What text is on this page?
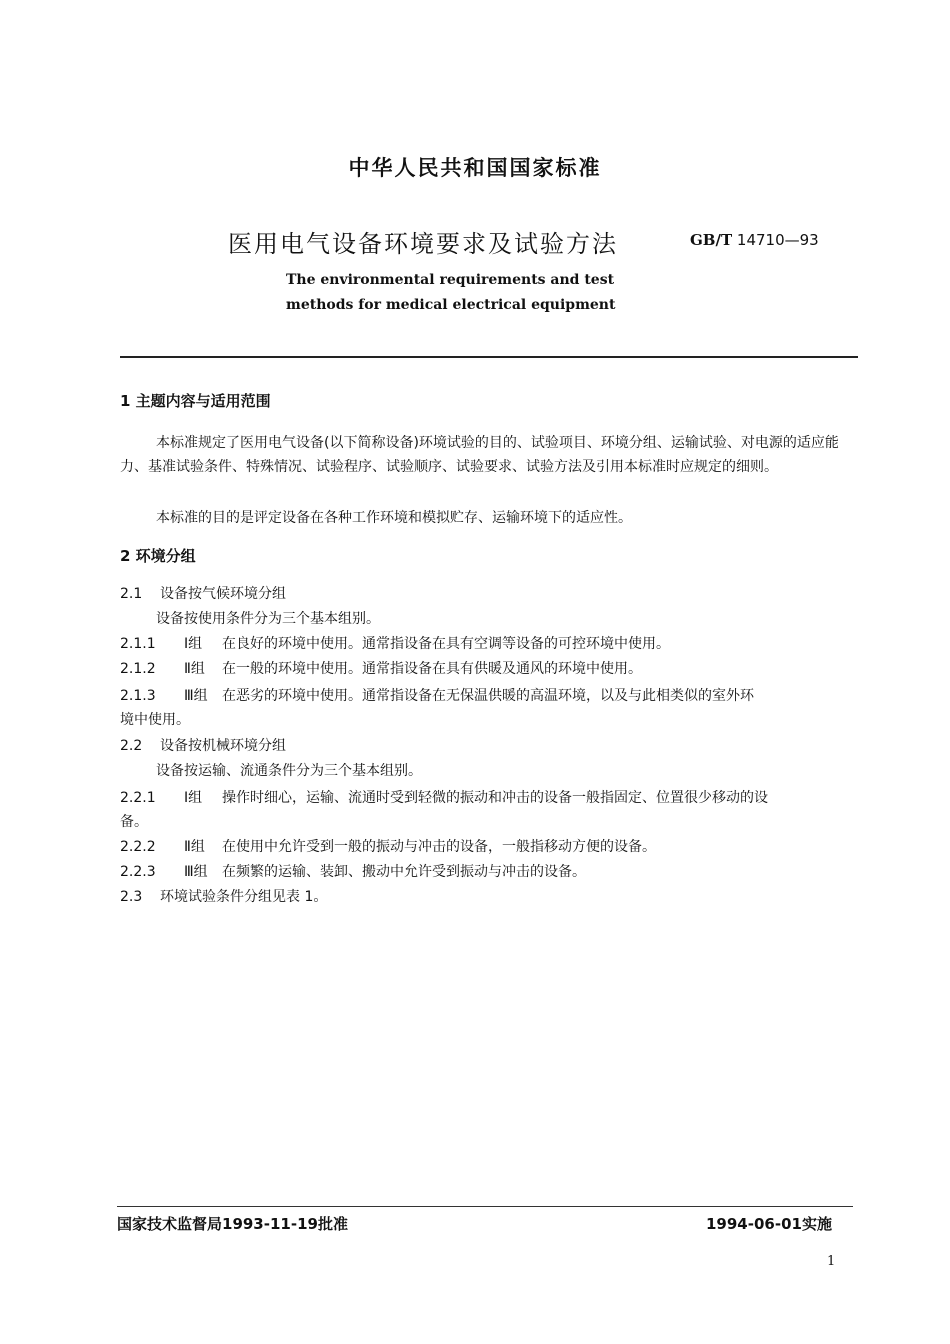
中华人民共和国国家标准
医用电气设备环境要求及试验方法	GB/T 14710—93
The environmental requirements and test
methods for medical electrical equipment
1 主题内容与适用范围
本标准规定了医用电气设备(以下简称设备)环境试验的目的、试验项目、环境分组、运输试验、对电源的适应能力、基准试验条件、特殊情况、试验程序、试验顺序、试验要求、试验方法及引用本标准时应规定的细则。
本标准的目的是评定设备在各种工作环境和模拟贮存、运输环境下的适应性。
2 环境分组
2.1 设备按气候环境分组
设备按使用条件分为三个基本组别。
2.1.1 Ⅰ组 在良好的环境中使用。通常指设备在具有空调等设备的可控环境中使用。
2.1.2 Ⅱ组 在一般的环境中使用。通常指设备在具有供暖及通风的环境中使用。
2.1.3 Ⅲ组 在恶劣的环境中使用。通常指设备在无保温供暖的高温环境，以及与此相类似的室外环
境中使用。
2.2 设备按机械环境分组
设备按运输、流通条件分为三个基本组别。
2.2.1 Ⅰ组 操作时细心，运输、流通时受到轻微的振动和冲击的设备一般指固定、位置很少移动的设
备。
2.2.2 Ⅱ组 在使用中允许受到一般的振动与冲击的设备，一般指移动方便的设备。
2.2.3 Ⅲ组 在频繁的运输、装卸、搬动中允许受到振动与冲击的设备。
2.3 环境试验条件分组见表 1。
国家技术监督局1993-11-19批准	1994-06-01实施
1
